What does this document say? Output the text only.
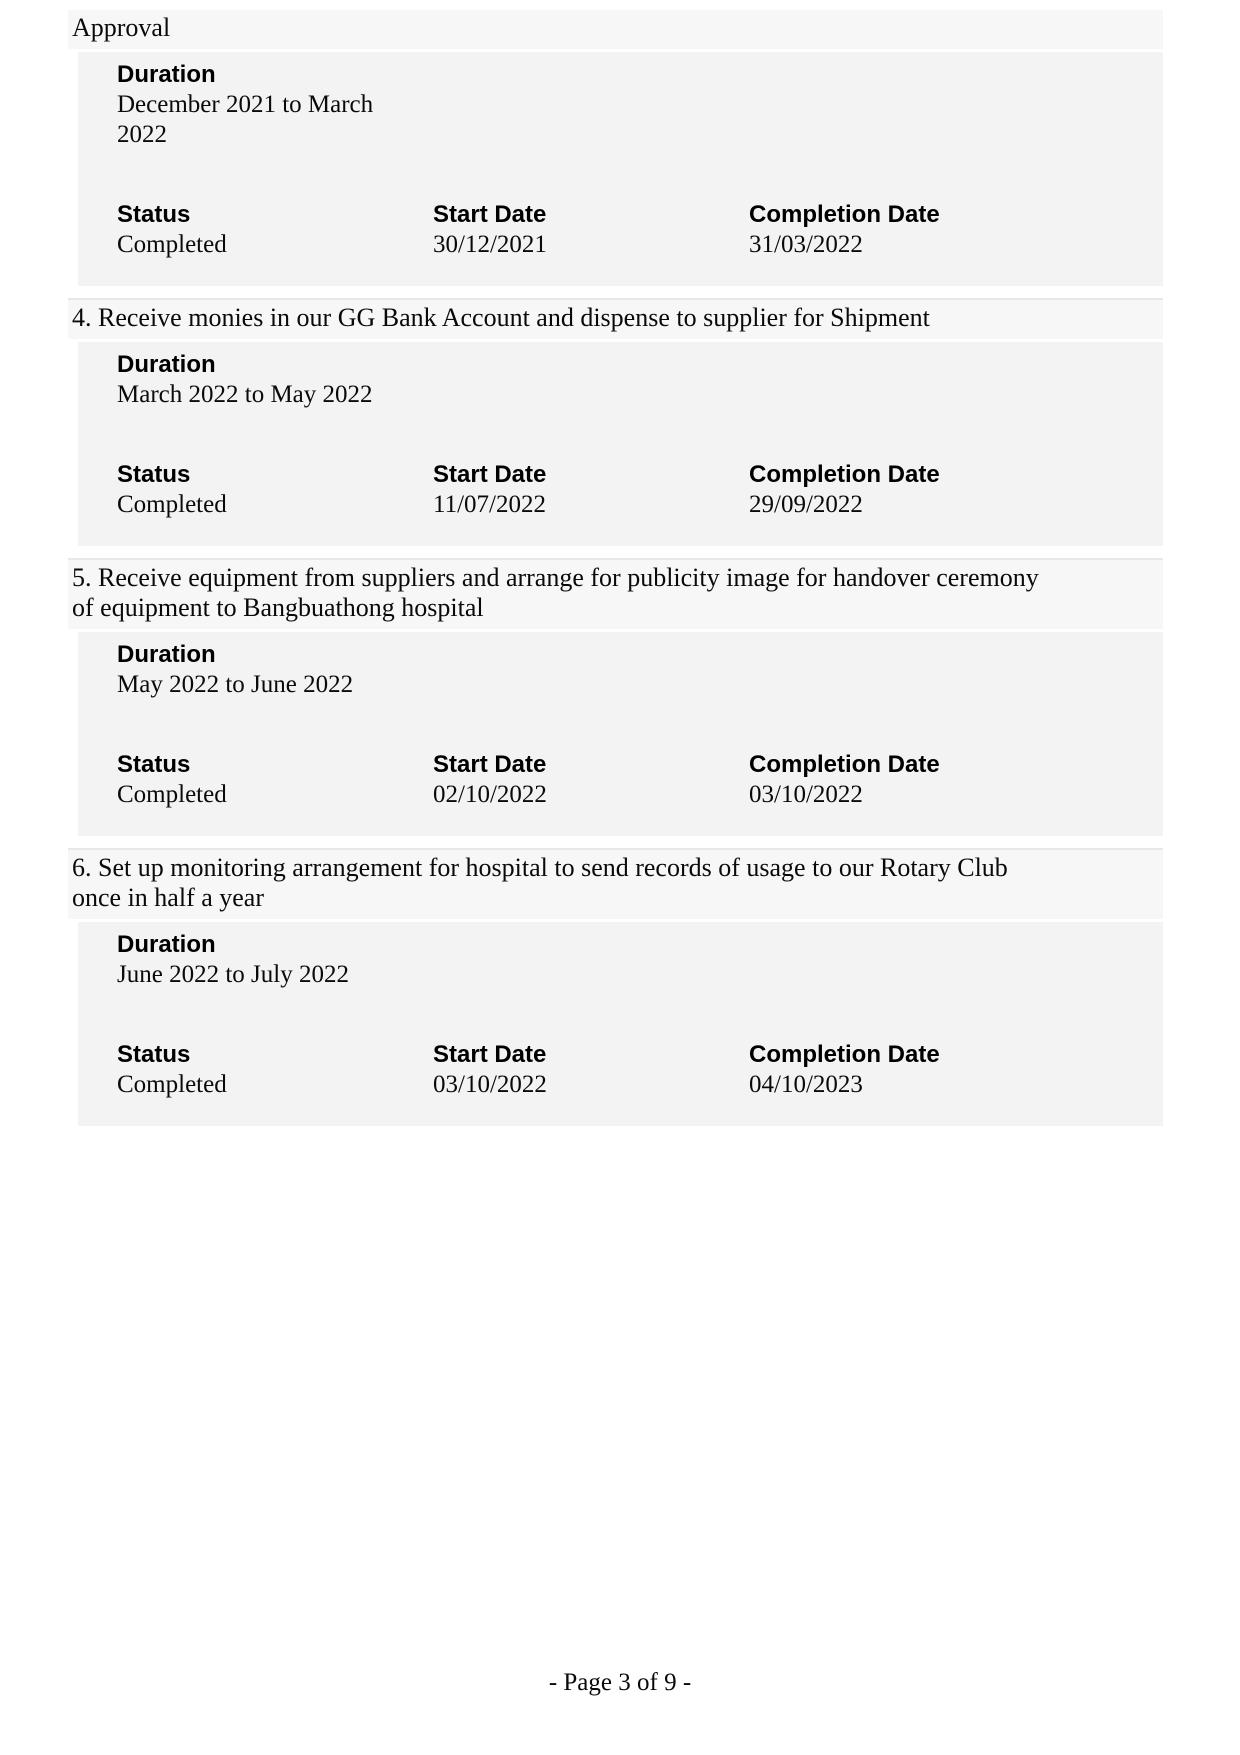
Approval
Duration
December 2021 to March 2022
Status
Completed
Start Date
30/12/2021
Completion Date
31/03/2022
4. Receive monies in our GG Bank Account and dispense to supplier for Shipment
Duration
March 2022 to May 2022
Status
Completed
Start Date
11/07/2022
Completion Date
29/09/2022
5. Receive equipment from suppliers and arrange for publicity image for handover ceremony of equipment to Bangbuathong hospital
Duration
May 2022 to June 2022
Status
Completed
Start Date
02/10/2022
Completion Date
03/10/2022
6. Set up monitoring arrangement for hospital to send records of usage to our Rotary Club once in half a year
Duration
June 2022 to July 2022
Status
Completed
Start Date
03/10/2022
Completion Date
04/10/2023
- Page 3 of 9 -
